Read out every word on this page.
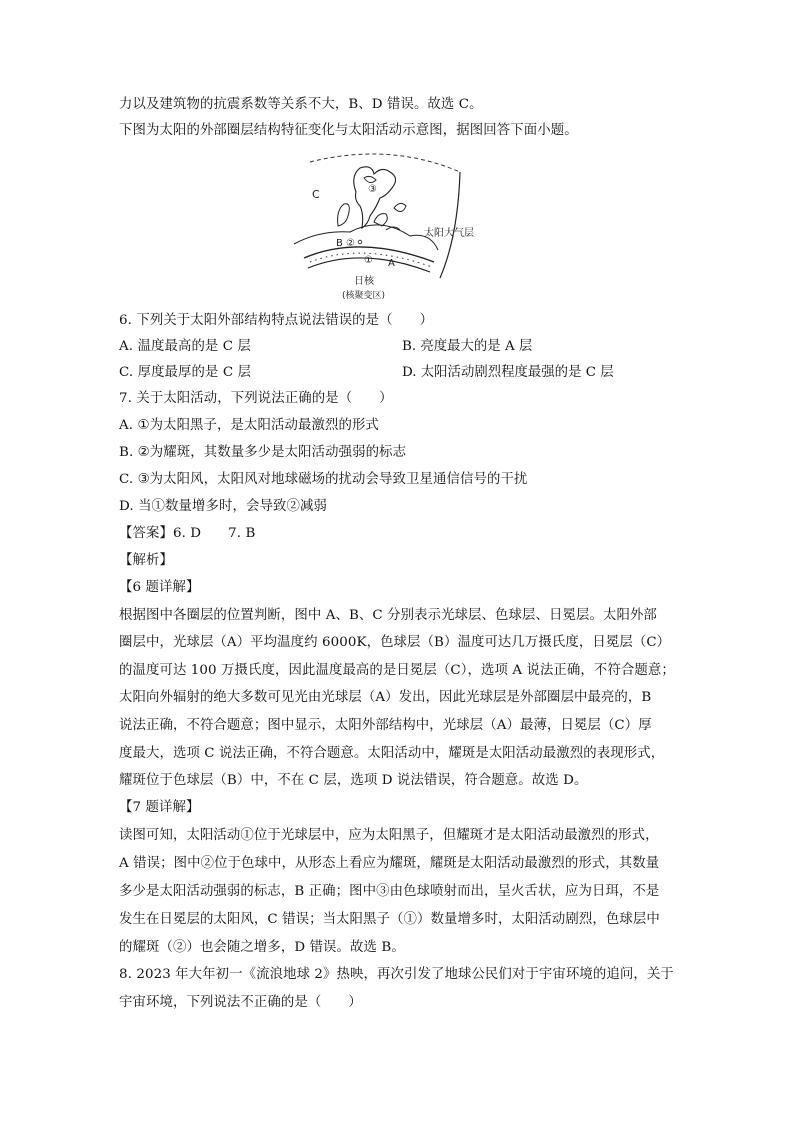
力以及建筑物的抗震系数等关系不大，B、D 错误。故选 C。
下图为太阳的外部圈层结构特征变化与太阳活动示意图，据图回答下面小题。
C
B ②
③
① A
太阳大气层
日核
(核聚变区)
6. 下列关于太阳外部结构特点说法错误的是（　　）
A. 温度最高的是 C 层	B. 亮度最大的是 A 层
C. 厚度最厚的是 C 层	D. 太阳活动剧烈程度最强的是 C 层
7. 关于太阳活动，下列说法正确的是（　　）
A. ①为太阳黑子，是太阳活动最激烈的形式
B. ②为耀斑，其数量多少是太阳活动强弱的标志
C. ③为太阳风，太阳风对地球磁场的扰动会导致卫星通信信号的干扰
D. 当①数量增多时，会导致②减弱
【答案】6. D　　7. B
【解析】
【6 题详解】
根据图中各圈层的位置判断，图中 A、B、C 分别表示光球层、色球层、日冕层。太阳外部
圈层中，光球层（A）平均温度约 6000K，色球层（B）温度可达几万摄氏度，日冕层（C）
的温度可达 100 万摄氏度，因此温度最高的是日冕层（C），选项 A 说法正确，不符合题意；
太阳向外辐射的绝大多数可见光由光球层（A）发出，因此光球层是外部圈层中最亮的，B
说法正确，不符合题意；图中显示，太阳外部结构中，光球层（A）最薄，日冕层（C）厚
度最大，选项 C 说法正确，不符合题意。太阳活动中，耀斑是太阳活动最激烈的表现形式，
耀斑位于色球层（B）中，不在 C 层，选项 D 说法错误，符合题意。故选 D。
【7 题详解】
读图可知，太阳活动①位于光球层中，应为太阳黑子，但耀斑才是太阳活动最激烈的形式，
A 错误；图中②位于色球中，从形态上看应为耀斑，耀斑是太阳活动最激烈的形式，其数量
多少是太阳活动强弱的标志，B 正确；图中③由色球喷射而出，呈火舌状，应为日珥，不是
发生在日冕层的太阳风，C 错误；当太阳黑子（①）数量增多时，太阳活动剧烈，色球层中
的耀斑（②）也会随之增多，D 错误。故选 B。
8. 2023 年大年初一《流浪地球 2》热映，再次引发了地球公民们对于宇宙环境的追问，关于
宇宙环境，下列说法不正确的是（　　）
